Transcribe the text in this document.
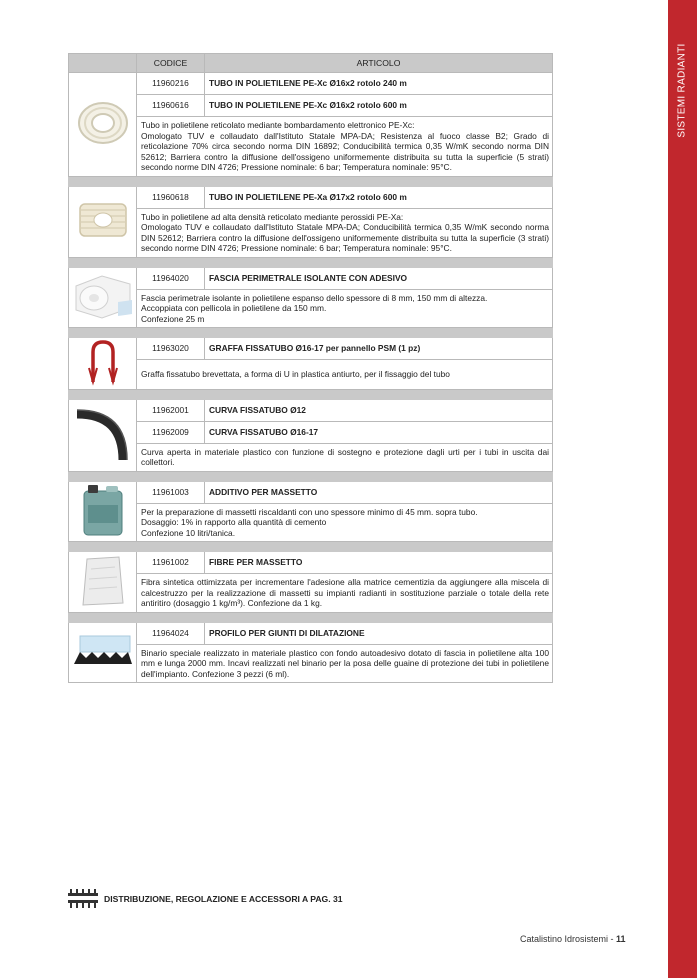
SISTEMI RADIANTI
	CODICE	ARTICOLO
	11960216	TUBO IN POLIETILENE PE-Xc Ø16x2 rotolo 240 m
	11960616	TUBO IN POLIETILENE PE-Xc Ø16x2 rotolo 600 m

	Tubo in polietilene reticolato mediante bombardamento elettronico PE-Xc:
Omologato TUV e collaudato dall'Istituto Statale MPA-DA; Resistenza al fuoco classe B2; Grado di reticolazione 70% circa secondo norma DIN 16892; Conducibilità termica 0,35 W/mK secondo norma DIN 52612; Barriera contro la diffusione dell'ossigeno uniformemente distribuita su tutta la superficie (5 strati) secondo norme DIN 4726; Pressione nominale: 6 bar; Temperatura nominale: 95°C.	

	11960618	TUBO IN POLIETILENE PE-Xa Ø17x2 rotolo 600 m

	Tubo in polietilene ad alta densità reticolato mediante perossidi PE-Xa:
Omologato TUV e collaudato dall'Istituto Statale MPA-DA; Conducibilità termica 0,35 W/mK secondo norma DIN 52612; Barriera contro la diffusione dell'ossigeno uniformemente distribuita su tutta la superficie (3 strati) secondo norme DIN 4726; Pressione nominale: 6 bar; Temperatura nominale: 95°C.	

	11964020	FASCIA PERIMETRALE ISOLANTE CON ADESIVO

	Fascia perimetrale isolante in polietilene espanso dello spessore di 8 mm, 150 mm di altezza.
Accoppiata con pellicola in polietilene da 150 mm.
Confezione 25 m	

	11963020	GRAFFA FISSATUBO Ø16-17 per pannello PSM (1 pz)

	Graffa fissatubo brevettata, a forma di U in plastica antiurto, per il fissaggio del tubo	

	11962001	CURVA FISSATUBO Ø12
	11962009	CURVA FISSATUBO Ø16-17

	Curva aperta in materiale plastico con funzione di sostegno e protezione dagli urti per i tubi in uscita dai collettori.	

	11961003	ADDITIVO PER MASSETTO

	Per la preparazione di massetti riscaldanti con uno spessore minimo di 45 mm. sopra tubo.
Dosaggio: 1% in rapporto alla quantità di cemento
Confezione 10 litri/tanica.	

	11961002	FIBRE PER MASSETTO

	Fibra sintetica ottimizzata per incrementare l'adesione alla matrice cementizia da aggiungere alla miscela di calcestruzzo per la realizzazione di massetti su impianti radianti in sostituzione parziale o totale della rete antiritiro (dosaggio 1 kg/m³). Confezione da 1 kg.	

	11964024	PROFILO PER GIUNTI DI DILATAZIONE

	Binario speciale realizzato in materiale plastico con fondo autoadesivo dotato di fascia in polietilene alta 100 mm e lunga 2000 mm. Incavi realizzati nel binario per la posa delle guaine di protezione dei tubi in polietilene dell'impianto. Confezione 3 pezzi (6 ml).	
DISTRIBUZIONE, REGOLAZIONE E ACCESSORI A PAG. 31
Catalistino Idrosistemi - 11
